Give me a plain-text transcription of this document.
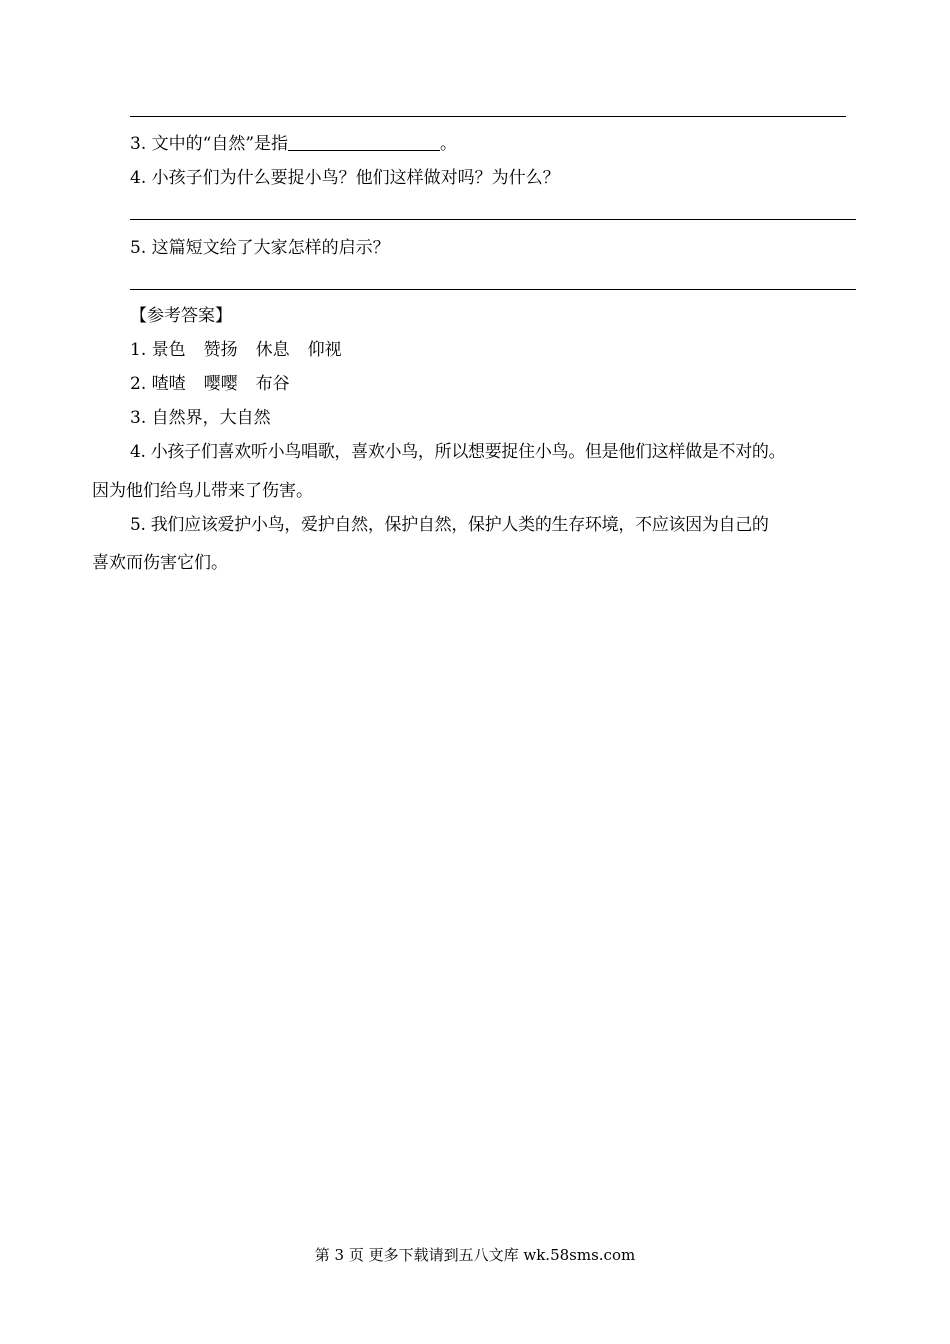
3. 文中的“自然”是指	。
4. 小孩子们为什么要捉小鸟？他们这样做对吗？为什么？
5. 这篇短文给了大家怎样的启示？
【参考答案】
1. 景色 赞扬 休息 仰视
2. 喳喳 嘤嘤 布谷
3. 自然界，大自然
4. 小孩子们喜欢听小鸟唱歌，喜欢小鸟，所以想要捉住小鸟。但是他们这样做是不对的。
因为他们给鸟儿带来了伤害。
5. 我们应该爱护小鸟，爱护自然，保护自然，保护人类的生存环境，不应该因为自己的
喜欢而伤害它们。
第 3 页 更多下载请到五八文库 wk.58sms.com
